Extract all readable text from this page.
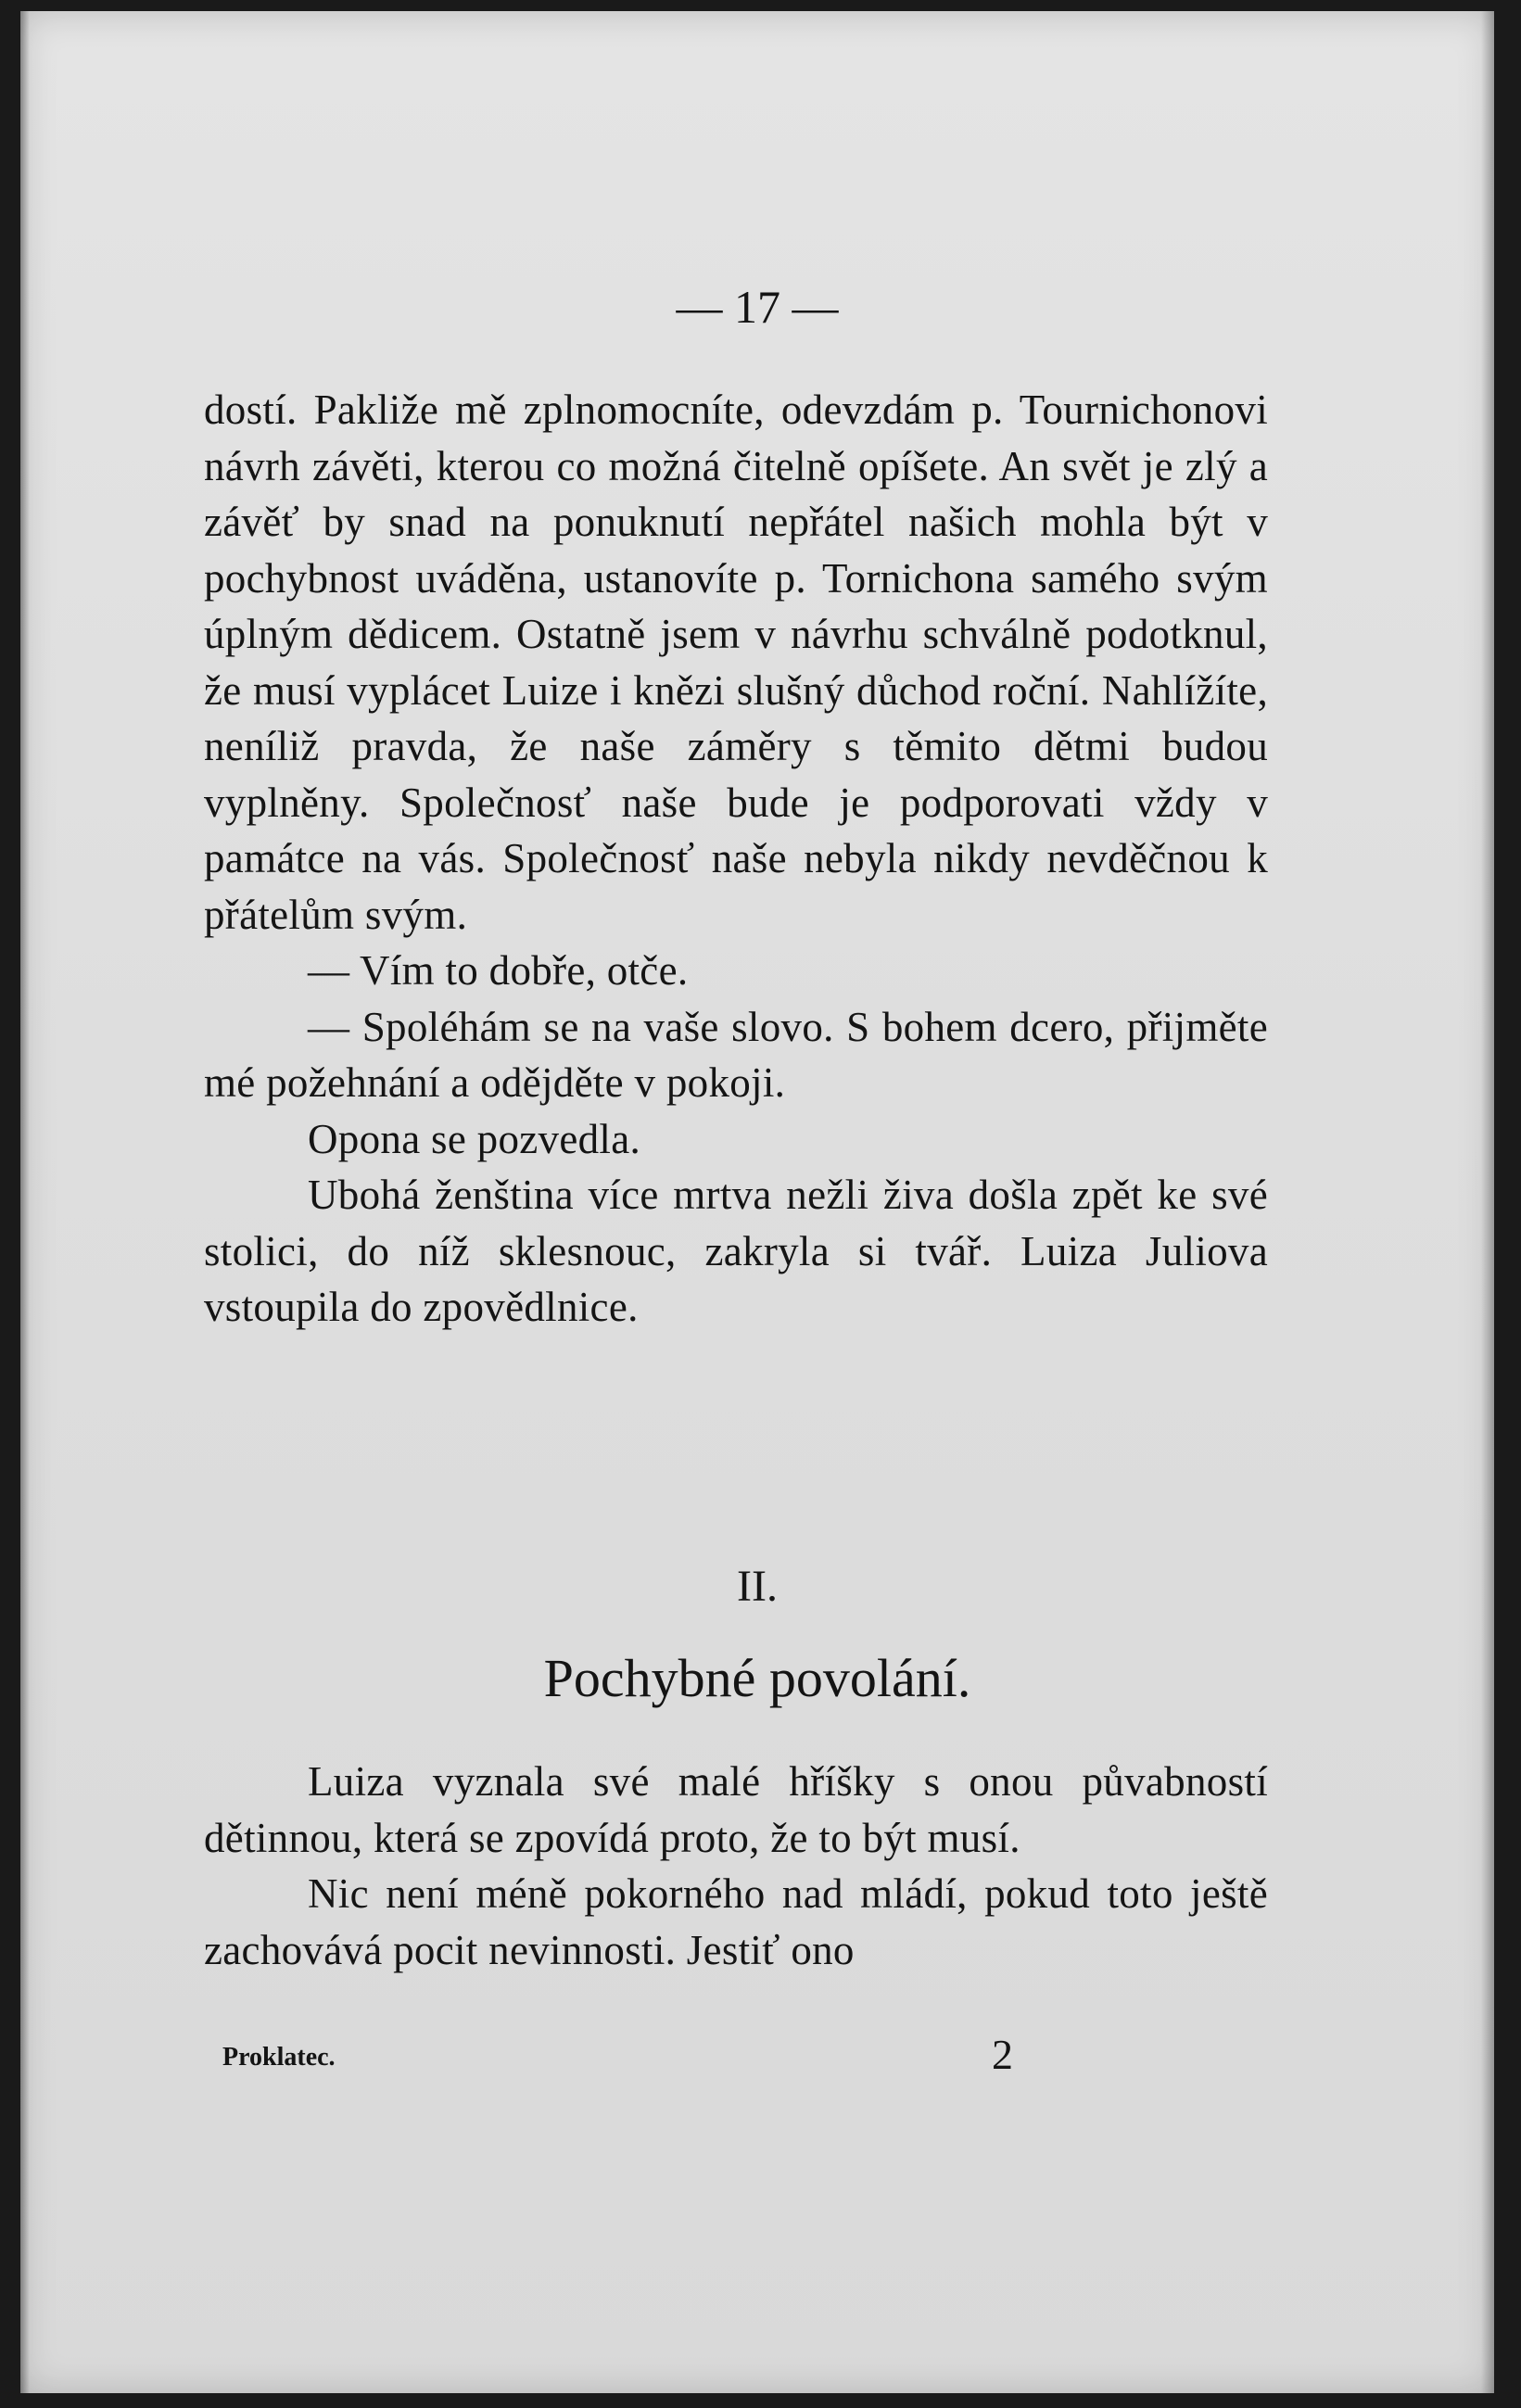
— 17 —

dostí. Pakliže mě zplnomocníte, odevzdám p. Tournichonovi návrh závěti, kterou co možná čitelně opíšete. An svět je zlý a závěť by snad na ponuknutí nepřátel našich mohla být v pochybnost uváděna, ustanovíte p. Tornichona samého svým úplným dědicem. Ostatně jsem v návrhu schválně podotknul, že musí vyplácet Luize i knězi slušný důchod roční. Nahlížíte, neníliž pravda, že naše záměry s těmito dětmi budou vyplněny. Společnosť naše bude je podporovati vždy v památce na vás. Společnosť naše nebyla nikdy nevděčnou k přátelům svým.

— Vím to dobře, otče.

— Spoléhám se na vaše slovo. S bohem dcero, přijměte mé požehnání a odějděte v pokoji.

Opona se pozvedla.

Ubohá ženština více mrtva nežli živa došla zpět ke své stolici, do níž sklesnouc, zakryla si tvář. Luiza Juliova vstoupila do zpovědlnice.

II.
Pochybné povolání.

Luiza vyznala své malé hříšky s onou půvabností dětinnou, která se zpovídá proto, že to být musí.

Nic není méně pokorného nad mládí, pokud toto ještě zachovává pocit nevinnosti. Jestiť ono

Proklatec.	2
